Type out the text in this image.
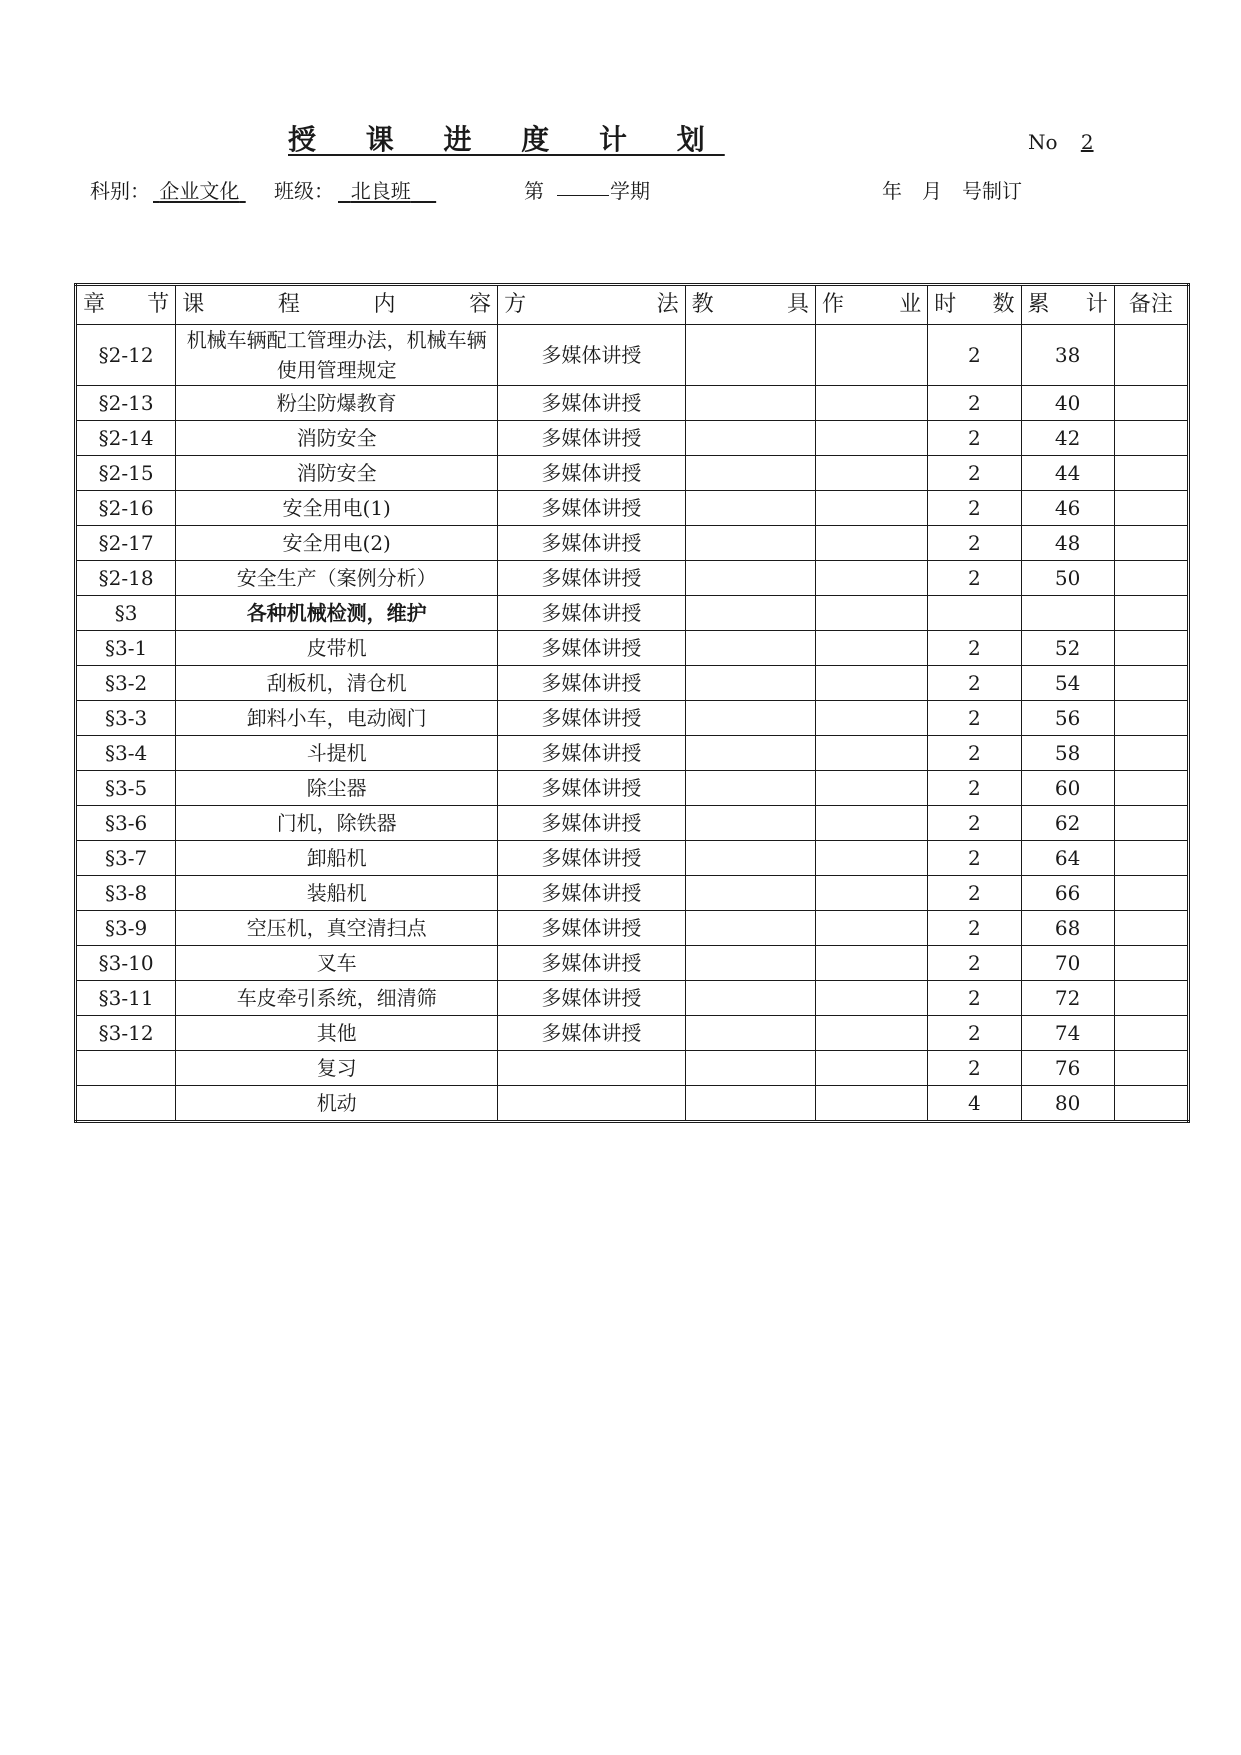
授 课 进 度 计 划	No 2
科别： 企业文化	班级： 北良班	第	学期	年　月　号制订
章 节	课 程 内 容	方 法	教 具	作 业	时 数	累 计	备注
§2-12	机械车辆配工管理办法，机械车辆使用管理规定	多媒体讲授			2	38	
§2-13	粉尘防爆教育	多媒体讲授			2	40	
§2-14	消防安全	多媒体讲授			2	42	
§2-15	消防安全	多媒体讲授			2	44	
§2-16	安全用电(1)	多媒体讲授			2	46	
§2-17	安全用电(2)	多媒体讲授			2	48	
§2-18	安全生产（案例分析）	多媒体讲授			2	50	
§3	各种机械检测，维护	多媒体讲授					
§3-1	皮带机	多媒体讲授			2	52	
§3-2	刮板机，清仓机	多媒体讲授			2	54	
§3-3	卸料小车，电动阀门	多媒体讲授			2	56	
§3-4	斗提机	多媒体讲授			2	58	
§3-5	除尘器	多媒体讲授			2	60	
§3-6	门机，除铁器	多媒体讲授			2	62	
§3-7	卸船机	多媒体讲授			2	64	
§3-8	装船机	多媒体讲授			2	66	
§3-9	空压机，真空清扫点	多媒体讲授			2	68	
§3-10	叉车	多媒体讲授			2	70	
§3-11	车皮牵引系统，细清筛	多媒体讲授			2	72	
§3-12	其他	多媒体讲授			2	74	
	复习				2	76	
	机动				4	80	
